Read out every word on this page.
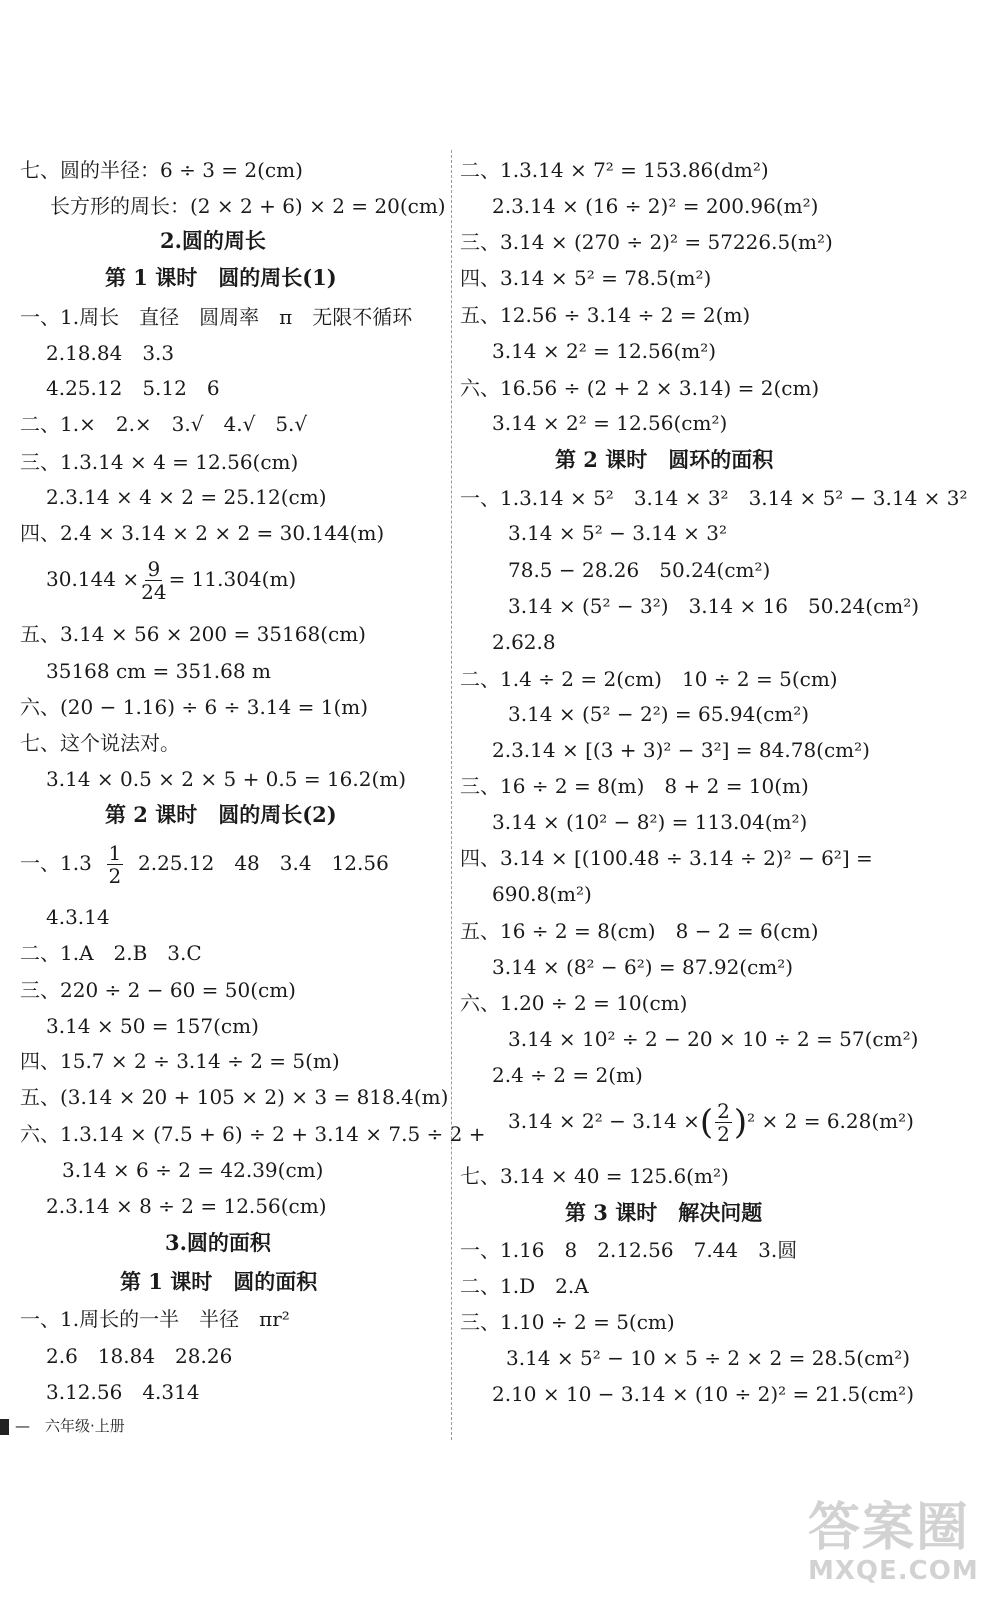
七、圆的半径：6 ÷ 3 = 2(cm)
长方形的周长：(2 × 2 + 6) × 2 = 20(cm)
2.圆的周长
第 1 课时　圆的周长(1)
一、1.周长　直径　圆周率　π　无限不循环
2.18.84　3.3
4.25.12　5.12　6
二、1.×　2.×　3.√　4.√　5.√
三、1.3.14 × 4 = 12.56(cm)
2.3.14 × 4 × 2 = 25.12(cm)
四、2.4 × 3.14 × 2 × 2 = 30.144(m)
$30.144 \times \frac{9}{24} = 11.304(m)$
五、3.14 × 56 × 200 = 35168(cm)
35168 cm = 351.68 m
六、(20 − 1.16) ÷ 6 ÷ 3.14 = 1(m)
七、这个说法对。
3.14 × 0.5 × 2 × 5 + 0.5 = 16.2(m)
第 2 课时　圆的周长(2)
一、$1.3 \frac{1}{2} 2.25.12$　48　3.4　12.56
4.3.14
二、1.A　2.B　3.C
三、220 ÷ 2 − 60 = 50(cm)
3.14 × 50 = 157(cm)
四、15.7 × 2 ÷ 3.14 ÷ 2 = 5(m)
五、(3.14 × 20 + 105 × 2) × 3 = 818.4(m)
六、1.3.14 × (7.5 + 6) ÷ 2 + 3.14 × 7.5 ÷ 2 +
3.14 × 6 ÷ 2 = 42.39(cm)
2.3.14 × 8 ÷ 2 = 12.56(cm)
3.圆的面积
第 1 课时　圆的面积
一、1.周长的一半　半径　πr²
2.6　18.84　28.26
3.12.56　4.314
二、1.3.14 × 7² = 153.86(dm²)
2.3.14 × (16 ÷ 2)² = 200.96(m²)
三、3.14 × (270 ÷ 2)² = 57226.5(m²)
四、3.14 × 5² = 78.5(m²)
五、12.56 ÷ 3.14 ÷ 2 = 2(m)
3.14 × 2² = 12.56(m²)
六、16.56 ÷ (2 + 2 × 3.14) = 2(cm)
3.14 × 2² = 12.56(cm²)
第 2 课时　圆环的面积
一、1.3.14 × 5²　3.14 × 3²　3.14 × 5² − 3.14 × 3²
3.14 × 5² − 3.14 × 3²
78.5 − 28.26　50.24(cm²)
3.14 × (5² − 3²)　3.14 × 16　50.24(cm²)
2.62.8
二、1.4 ÷ 2 = 2(cm)　10 ÷ 2 = 5(cm)
3.14 × (5² − 2²) = 65.94(cm²)
2.3.14 × [(3 + 3)² − 3²] = 84.78(cm²)
三、16 ÷ 2 = 8(m)　8 + 2 = 10(m)
3.14 × (10² − 8²) = 113.04(m²)
四、3.14 × [(100.48 ÷ 3.14 ÷ 2)² − 6²] =
690.8(m²)
五、16 ÷ 2 = 8(cm)　8 − 2 = 6(cm)
3.14 × (8² − 6²) = 87.92(cm²)
六、1.20 ÷ 2 = 10(cm)
3.14 × 10² ÷ 2 − 20 × 10 ÷ 2 = 57(cm²)
2.4 ÷ 2 = 2(m)
3.14 × 2² − 3.14 ×( $\frac{2}{2} )^2 \times 2 = 6.28(m^2)$
七、3.14 × 40 = 125.6(m²)
第 3 课时　解决问题
一、1.16　8　2.12.56　7.44　3.圆
二、1.D　2.A
三、1.10 ÷ 2 = 5(cm)
3.14 × 5² − 10 × 5 ÷ 2 × 2 = 28.5(cm²)
2.10 × 10 − 3.14 × (10 ÷ 2)² = 21.5(cm²)
—　六年级·上册
答案圈
MXQE.COM
